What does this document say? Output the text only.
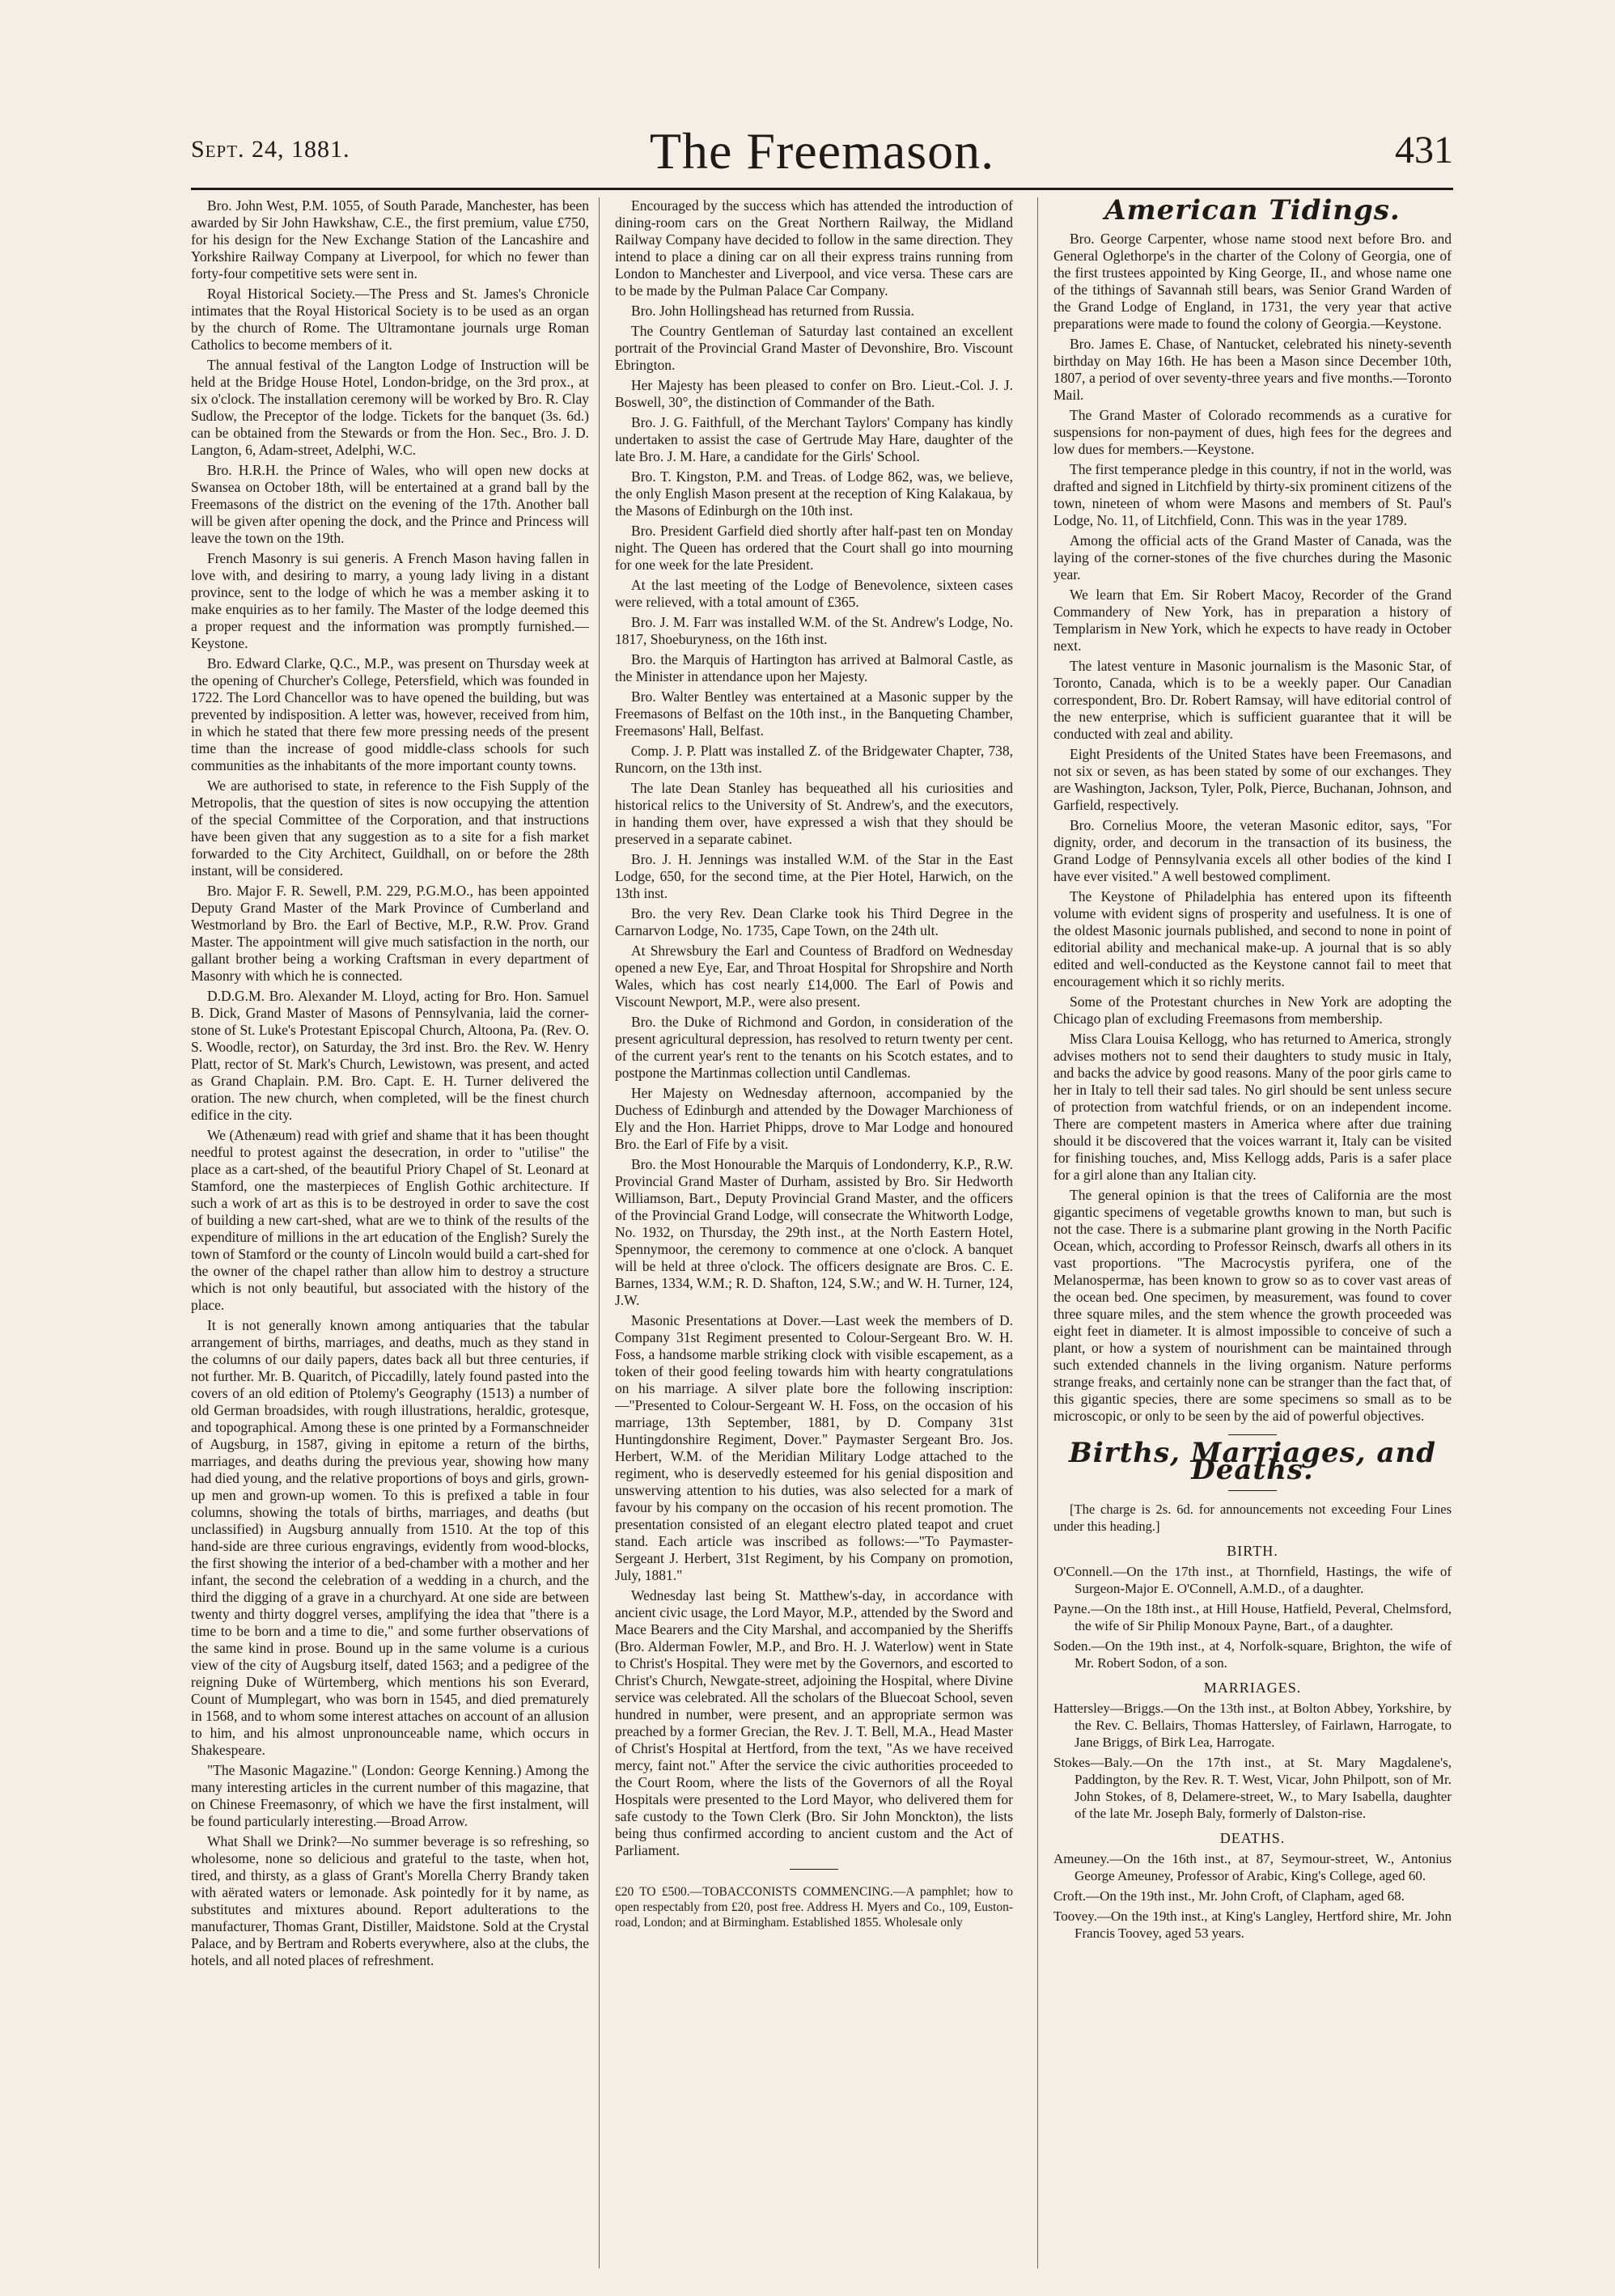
Sept. 24, 1881.	The Freemason.	431

Bro. John West, P.M. 1055, of South Parade, Manchester, has been awarded by Sir John Hawkshaw, C.E., the first premium, value £750, for his design for the New Exchange Station of the Lancashire and Yorkshire Railway Company at Liverpool, for which no fewer than forty-four competitive sets were sent in.

Royal Historical Society.—The Press and St. James's Chronicle intimates that the Royal Historical Society is to be used as an organ by the church of Rome. The Ultramontane journals urge Roman Catholics to become members of it.

The annual festival of the Langton Lodge of Instruction will be held at the Bridge House Hotel, London-bridge, on the 3rd prox., at six o'clock. The installation ceremony will be worked by Bro. R. Clay Sudlow, the Preceptor of the lodge. Tickets for the banquet (3s. 6d.) can be obtained from the Stewards or from the Hon. Sec., Bro. J. D. Langton, 6, Adam-street, Adelphi, W.C.

Bro. H.R.H. the Prince of Wales, who will open new docks at Swansea on October 18th, will be entertained at a grand ball by the Freemasons of the district on the evening of the 17th. Another ball will be given after opening the dock, and the Prince and Princess will leave the town on the 19th.

French Masonry is sui generis. A French Mason having fallen in love with, and desiring to marry, a young lady living in a distant province, sent to the lodge of which he was a member asking it to make enquiries as to her family. The Master of the lodge deemed this a proper request and the information was promptly furnished.—Keystone.

Bro. Edward Clarke, Q.C., M.P., was present on Thursday week at the opening of Churcher's College, Petersfield, which was founded in 1722. The Lord Chancellor was to have opened the building, but was prevented by indisposition. A letter was, however, received from him, in which he stated that there few more pressing needs of the present time than the increase of good middle-class schools for such communities as the inhabitants of the more important county towns.

We are authorised to state, in reference to the Fish Supply of the Metropolis, that the question of sites is now occupying the attention of the special Committee of the Corporation, and that instructions have been given that any suggestion as to a site for a fish market forwarded to the City Architect, Guildhall, on or before the 28th instant, will be considered.

Bro. Major F. R. Sewell, P.M. 229, P.G.M.O., has been appointed Deputy Grand Master of the Mark Province of Cumberland and Westmorland by Bro. the Earl of Bective, M.P., R.W. Prov. Grand Master. The appointment will give much satisfaction in the north, our gallant brother being a working Craftsman in every department of Masonry with which he is connected.

D.D.G.M. Bro. Alexander M. Lloyd, acting for Bro. Hon. Samuel B. Dick, Grand Master of Masons of Pennsylvania, laid the corner-stone of St. Luke's Protestant Episcopal Church, Altoona, Pa. (Rev. O. S. Woodle, rector), on Saturday, the 3rd inst. Bro. the Rev. W. Henry Platt, rector of St. Mark's Church, Lewistown, was present, and acted as Grand Chaplain. P.M. Bro. Capt. E. H. Turner delivered the oration. The new church, when completed, will be the finest church edifice in the city.

We (Athenæum) read with grief and shame that it has been thought needful to protest against the desecration, in order to "utilise" the place as a cart-shed, of the beautiful Priory Chapel of St. Leonard at Stamford, one the masterpieces of English Gothic architecture. If such a work of art as this is to be destroyed in order to save the cost of building a new cart-shed, what are we to think of the results of the expenditure of millions in the art education of the English? Surely the town of Stamford or the county of Lincoln would build a cart-shed for the owner of the chapel rather than allow him to destroy a structure which is not only beautiful, but associated with the history of the place.

It is not generally known among antiquaries that the tabular arrangement of births, marriages, and deaths, much as they stand in the columns of our daily papers, dates back all but three centuries, if not further. Mr. B. Quaritch, of Piccadilly, lately found pasted into the covers of an old edition of Ptolemy's Geography (1513) a number of old German broadsides, with rough illustrations, heraldic, grotesque, and topographical. Among these is one printed by a Formanschneider of Augsburg, in 1587, giving in epitome a return of the births, marriages, and deaths during the previous year, showing how many had died young, and the relative proportions of boys and girls, grown-up men and grown-up women. To this is prefixed a table in four columns, showing the totals of births, marriages, and deaths (but unclassified) in Augsburg annually from 1510. At the top of this hand-side are three curious engravings, evidently from wood-blocks, the first showing the interior of a bed-chamber with a mother and her infant, the second the celebration of a wedding in a church, and the third the digging of a grave in a churchyard. At one side are between twenty and thirty doggrel verses, amplifying the idea that "there is a time to be born and a time to die," and some further observations of the same kind in prose. Bound up in the same volume is a curious view of the city of Augsburg itself, dated 1563; and a pedigree of the reigning Duke of Würtemberg, which mentions his son Everard, Count of Mumplegart, who was born in 1545, and died prematurely in 1568, and to whom some interest attaches on account of an allusion to him, and his almost unpronounceable name, which occurs in Shakespeare.

"The Masonic Magazine." (London: George Kenning.) Among the many interesting articles in the current number of this magazine, that on Chinese Freemasonry, of which we have the first instalment, will be found particularly interesting.—Broad Arrow.

What Shall we Drink?—No summer beverage is so refreshing, so wholesome, none so delicious and grateful to the taste, when hot, tired, and thirsty, as a glass of Grant's Morella Cherry Brandy taken with aërated waters or lemonade. Ask pointedly for it by name, as substitutes and mixtures abound. Report adulterations to the manufacturer, Thomas Grant, Distiller, Maidstone. Sold at the Crystal Palace, and by Bertram and Roberts everywhere, also at the clubs, the hotels, and all noted places of refreshment.

Encouraged by the success which has attended the introduction of dining-room cars on the Great Northern Railway, the Midland Railway Company have decided to follow in the same direction. They intend to place a dining car on all their express trains running from London to Manchester and Liverpool, and vice versa. These cars are to be made by the Pulman Palace Car Company.

Bro. John Hollingshead has returned from Russia.

The Country Gentleman of Saturday last contained an excellent portrait of the Provincial Grand Master of Devonshire, Bro. Viscount Ebrington.

Her Majesty has been pleased to confer on Bro. Lieut.-Col. J. J. Boswell, 30°, the distinction of Commander of the Bath.

Bro. J. G. Faithfull, of the Merchant Taylors' Company has kindly undertaken to assist the case of Gertrude May Hare, daughter of the late Bro. J. M. Hare, a candidate for the Girls' School.

Bro. T. Kingston, P.M. and Treas. of Lodge 862, was, we believe, the only English Mason present at the reception of King Kalakaua, by the Masons of Edinburgh on the 10th inst.

Bro. President Garfield died shortly after half-past ten on Monday night. The Queen has ordered that the Court shall go into mourning for one week for the late President.

At the last meeting of the Lodge of Benevolence, sixteen cases were relieved, with a total amount of £365.

Bro. J. M. Farr was installed W.M. of the St. Andrew's Lodge, No. 1817, Shoeburyness, on the 16th inst.

Bro. the Marquis of Hartington has arrived at Balmoral Castle, as the Minister in attendance upon her Majesty.

Bro. Walter Bentley was entertained at a Masonic supper by the Freemasons of Belfast on the 10th inst., in the Banqueting Chamber, Freemasons' Hall, Belfast.

Comp. J. P. Platt was installed Z. of the Bridgewater Chapter, 738, Runcorn, on the 13th inst.

The late Dean Stanley has bequeathed all his curiosities and historical relics to the University of St. Andrew's, and the executors, in handing them over, have expressed a wish that they should be preserved in a separate cabinet.

Bro. J. H. Jennings was installed W.M. of the Star in the East Lodge, 650, for the second time, at the Pier Hotel, Harwich, on the 13th inst.

Bro. the very Rev. Dean Clarke took his Third Degree in the Carnarvon Lodge, No. 1735, Cape Town, on the 24th ult.

At Shrewsbury the Earl and Countess of Bradford on Wednesday opened a new Eye, Ear, and Throat Hospital for Shropshire and North Wales, which has cost nearly £14,000. The Earl of Powis and Viscount Newport, M.P., were also present.

Bro. the Duke of Richmond and Gordon, in consideration of the present agricultural depression, has resolved to return twenty per cent. of the current year's rent to the tenants on his Scotch estates, and to postpone the Martinmas collection until Candlemas.

Her Majesty on Wednesday afternoon, accompanied by the Duchess of Edinburgh and attended by the Dowager Marchioness of Ely and the Hon. Harriet Phipps, drove to Mar Lodge and honoured Bro. the Earl of Fife by a visit.

Bro. the Most Honourable the Marquis of Londonderry, K.P., R.W. Provincial Grand Master of Durham, assisted by Bro. Sir Hedworth Williamson, Bart., Deputy Provincial Grand Master, and the officers of the Provincial Grand Lodge, will consecrate the Whitworth Lodge, No. 1932, on Thursday, the 29th inst., at the North Eastern Hotel, Spennymoor, the ceremony to commence at one o'clock. A banquet will be held at three o'clock. The officers designate are Bros. C. E. Barnes, 1334, W.M.; R. D. Shafton, 124, S.W.; and W. H. Turner, 124, J.W.

Masonic Presentations at Dover.—Last week the members of D. Company 31st Regiment presented to Colour-Sergeant Bro. W. H. Foss, a handsome marble striking clock with visible escapement, as a token of their good feeling towards him with hearty congratulations on his marriage. A silver plate bore the following inscription:—"Presented to Colour-Sergeant W. H. Foss, on the occasion of his marriage, 13th September, 1881, by D. Company 31st Huntingdonshire Regiment, Dover." Paymaster Sergeant Bro. Jos. Herbert, W.M. of the Meridian Military Lodge attached to the regiment, who is deservedly esteemed for his genial disposition and unswerving attention to his duties, was also selected for a mark of favour by his company on the occasion of his recent promotion. The presentation consisted of an elegant electro plated teapot and cruet stand. Each article was inscribed as follows:—"To Paymaster-Sergeant J. Herbert, 31st Regiment, by his Company on promotion, July, 1881."

Wednesday last being St. Matthew's-day, in accordance with ancient civic usage, the Lord Mayor, M.P., attended by the Sword and Mace Bearers and the City Marshal, and accompanied by the Sheriffs (Bro. Alderman Fowler, M.P., and Bro. H. J. Waterlow) went in State to Christ's Hospital. They were met by the Governors, and escorted to Christ's Church, Newgate-street, adjoining the Hospital, where Divine service was celebrated. All the scholars of the Bluecoat School, seven hundred in number, were present, and an appropriate sermon was preached by a former Grecian, the Rev. J. T. Bell, M.A., Head Master of Christ's Hospital at Hertford, from the text, "As we have received mercy, faint not." After the service the civic authorities proceeded to the Court Room, where the lists of the Governors of all the Royal Hospitals were presented to the Lord Mayor, who delivered them for safe custody to the Town Clerk (Bro. Sir John Monckton), the lists being thus confirmed according to ancient custom and the Act of Parliament.

£20 TO £500.—TOBACCONISTS COMMENCING.—A pamphlet; how to open respectably from £20, post free. Address H. Myers and Co., 109, Euston-road, London; and at Birmingham. Established 1855. Wholesale only

American Tidings.

Bro. George Carpenter, whose name stood next before Bro. and General Oglethorpe's in the charter of the Colony of Georgia, one of the first trustees appointed by King George, II., and whose name one of the tithings of Savannah still bears, was Senior Grand Warden of the Grand Lodge of England, in 1731, the very year that active preparations were made to found the colony of Georgia.—Keystone.

Bro. James E. Chase, of Nantucket, celebrated his ninety-seventh birthday on May 16th. He has been a Mason since December 10th, 1807, a period of over seventy-three years and five months.—Toronto Mail.

The Grand Master of Colorado recommends as a curative for suspensions for non-payment of dues, high fees for the degrees and low dues for members.—Keystone.

The first temperance pledge in this country, if not in the world, was drafted and signed in Litchfield by thirty-six prominent citizens of the town, nineteen of whom were Masons and members of St. Paul's Lodge, No. 11, of Litchfield, Conn. This was in the year 1789.

Among the official acts of the Grand Master of Canada, was the laying of the corner-stones of the five churches during the Masonic year.

We learn that Em. Sir Robert Macoy, Recorder of the Grand Commandery of New York, has in preparation a history of Templarism in New York, which he expects to have ready in October next.

The latest venture in Masonic journalism is the Masonic Star, of Toronto, Canada, which is to be a weekly paper. Our Canadian correspondent, Bro. Dr. Robert Ramsay, will have editorial control of the new enterprise, which is sufficient guarantee that it will be conducted with zeal and ability.

Eight Presidents of the United States have been Freemasons, and not six or seven, as has been stated by some of our exchanges. They are Washington, Jackson, Tyler, Polk, Pierce, Buchanan, Johnson, and Garfield, respectively.

Bro. Cornelius Moore, the veteran Masonic editor, says, "For dignity, order, and decorum in the transaction of its business, the Grand Lodge of Pennsylvania excels all other bodies of the kind I have ever visited." A well bestowed compliment.

The Keystone of Philadelphia has entered upon its fifteenth volume with evident signs of prosperity and usefulness. It is one of the oldest Masonic journals published, and second to none in point of editorial ability and mechanical make-up. A journal that is so ably edited and well-conducted as the Keystone cannot fail to meet that encouragement which it so richly merits.

Some of the Protestant churches in New York are adopting the Chicago plan of excluding Freemasons from membership.

Miss Clara Louisa Kellogg, who has returned to America, strongly advises mothers not to send their daughters to study music in Italy, and backs the advice by good reasons. Many of the poor girls came to her in Italy to tell their sad tales. No girl should be sent unless secure of protection from watchful friends, or on an independent income. There are competent masters in America where after due training should it be discovered that the voices warrant it, Italy can be visited for finishing touches, and, Miss Kellogg adds, Paris is a safer place for a girl alone than any Italian city.

The general opinion is that the trees of California are the most gigantic specimens of vegetable growths known to man, but such is not the case. There is a submarine plant growing in the North Pacific Ocean, which, according to Professor Reinsch, dwarfs all others in its vast proportions. "The Macrocystis pyrifera, one of the Melanospermæ, has been known to grow so as to cover vast areas of the ocean bed. One specimen, by measurement, was found to cover three square miles, and the stem whence the growth proceeded was eight feet in diameter. It is almost impossible to conceive of such a plant, or how a system of nourishment can be maintained through such extended channels in the living organism. Nature performs strange freaks, and certainly none can be stranger than the fact that, of this gigantic species, there are some specimens so small as to be microscopic, or only to be seen by the aid of powerful objectives.

Births, Marriages, and Deaths.

[The charge is 2s. 6d. for announcements not exceeding Four Lines under this heading.]

BIRTH.
O'Connell.—On the 17th inst., at Thornfield, Hastings, the wife of Surgeon-Major E. O'Connell, A.M.D., of a daughter.
Payne.—On the 18th inst., at Hill House, Hatfield, Peveral, Chelmsford, the wife of Sir Philip Monoux Payne, Bart., of a daughter.
Soden.—On the 19th inst., at 4, Norfolk-square, Brighton, the wife of Mr. Robert Sodon, of a son.
MARRIAGES.
Hattersley—Briggs.—On the 13th inst., at Bolton Abbey, Yorkshire, by the Rev. C. Bellairs, Thomas Hattersley, of Fairlawn, Harrogate, to Jane Briggs, of Birk Lea, Harrogate.
Stokes—Baly.—On the 17th inst., at St. Mary Magdalene's, Paddington, by the Rev. R. T. West, Vicar, John Philpott, son of Mr. John Stokes, of 8, Delamere-street, W., to Mary Isabella, daughter of the late Mr. Joseph Baly, formerly of Dalston-rise.
DEATHS.
Ameuney.—On the 16th inst., at 87, Seymour-street, W., Antonius George Ameuney, Professor of Arabic, King's College, aged 60.
Croft.—On the 19th inst., Mr. John Croft, of Clapham, aged 68.
Toovey.—On the 19th inst., at King's Langley, Hertford shire, Mr. John Francis Toovey, aged 53 years.
